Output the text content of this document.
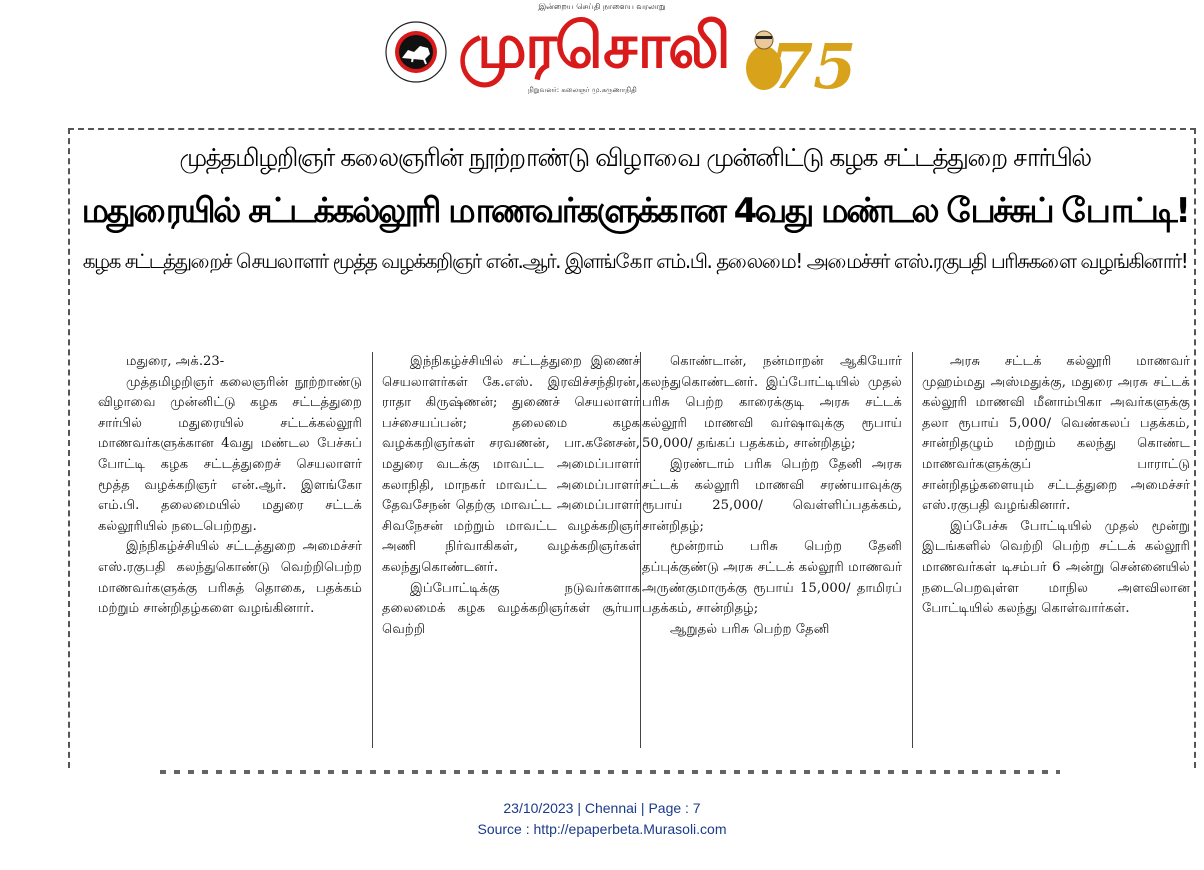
இன்றைய செய்தி நாளைய வரலாறு
முரசொலி
நிறுவனர்: கலைஞர் மு.கருணாநிதி 75
முத்தமிழறிஞர் கலைஞரின் நூற்றாண்டு விழாவை முன்னிட்டு கழக சட்டத்துறை சார்பில்
மதுரையில் சட்டக்கல்லூரி மாணவர்களுக்கான 4வது மண்டல பேச்சுப் போட்டி!
கழக சட்டத்துறைச் செயலாளர் மூத்த வழக்கறிஞர் என்.ஆர். இளங்கோ எம்.பி. தலைமை! அமைச்சர் எஸ்.ரகுபதி பரிசுகளை வழங்கினார்!

மதுரை, அக்.23-

முத்தமிழறிஞர் கலைஞரின் நூற்றாண்டு விழாவை முன்னிட்டு கழக சட்டத்துறை சார்பில் மதுரையில் சட்டக்கல்லூரி மாணவர்களுக்கான 4வது மண்டல பேச்சுப் போட்டி கழக சட்டத்துறைச் செயலாளர் மூத்த வழக்கறிஞர் என்.ஆர். இளங்கோ எம்.பி. தலைமையில் மதுரை சட்டக் கல்லூரியில் நடைபெற்றது.

இந்நிகழ்ச்சியில் சட்டத்துறை அமைச்சர் எஸ்.ரகுபதி கலந்துகொண்டு வெற்றிபெற்ற மாணவர்களுக்கு பரிசுத் தொகை, பதக்கம் மற்றும் சான்றிதழ்களை வழங்கினார்.

இந்நிகழ்ச்சியில் சட்டத்துறை இணைச் செயலாளர்கள் கே.எஸ். இரவிச்சந்திரன், ராதா கிருஷ்ணன்; துணைச் செயலாளர் பச்சையப்பன்; தலைமை கழக வழக்கறிஞர்கள் சரவணன், பா.கனேசன், மதுரை வடக்கு மாவட்ட அமைப்பாளர் கலாநிதி, மாநகர் மாவட்ட அமைப்பாளர் தேவசேநன் தெற்கு மாவட்ட அமைப்பாளர் சிவநேசன் மற்றும் மாவட்ட வழக்கறிஞர் அணி நிர்வாகிகள், வழக்கறிஞர்கள் கலந்துகொண்டனர்.

இப்போட்டிக்கு நடுவர்களாக தலைமைக் கழக வழக்கறிஞர்கள் சூர்யா வெற்றி

கொண்டான், நன்மாறன் ஆகியோர் கலந்துகொண்டனர். இப்போட்டியில் முதல் பரிசு பெற்ற காரைக்குடி அரசு சட்டக் கல்லூரி மாணவி வர்ஷாவுக்கு ரூபாய் 50,000/ தங்கப் பதக்கம், சான்றிதழ்;

இரண்டாம் பரிசு பெற்ற தேனி அரசு சட்டக் கல்லூரி மாணவி சரண்யாவுக்கு ரூபாய் 25,000/ வெள்ளிப்பதக்கம், சான்றிதழ்;

மூன்றாம் பரிசு பெற்ற தேனி தப்புக்குண்டு அரசு சட்டக் கல்லூரி மாணவர் அருண்குமாருக்கு ரூபாய் 15,000/ தாமிரப் பதக்கம், சான்றிதழ்;

ஆறுதல் பரிசு பெற்ற தேனி

அரசு சட்டக் கல்லூரி மாணவர் முஹம்மது அஸ்மதுக்கு, மதுரை அரசு சட்டக் கல்லூரி மாணவி மீனாம்பிகா அவர்களுக்கு தலா ரூபாய் 5,000/ வெண்கலப் பதக்கம், சான்றிதழும் மற்றும் கலந்து கொண்ட மாணவர்களுக்குப் பாராட்டு சான்றிதழ்களையும் சட்டத்துறை அமைச்சர் எஸ்.ரகுபதி வழங்கினார்.

இப்பேச்சு போட்டியில் முதல் மூன்று இடங்களில் வெற்றி பெற்ற சட்டக் கல்லூரி மாணவர்கள் டிசம்பர் 6 அன்று சென்னையில் நடைபெறவுள்ள மாநில அளவிலான போட்டியில் கலந்து கொள்வார்கள்.

23/10/2023 | Chennai | Page : 7
Source : http://epaperbeta.Murasoli.com
